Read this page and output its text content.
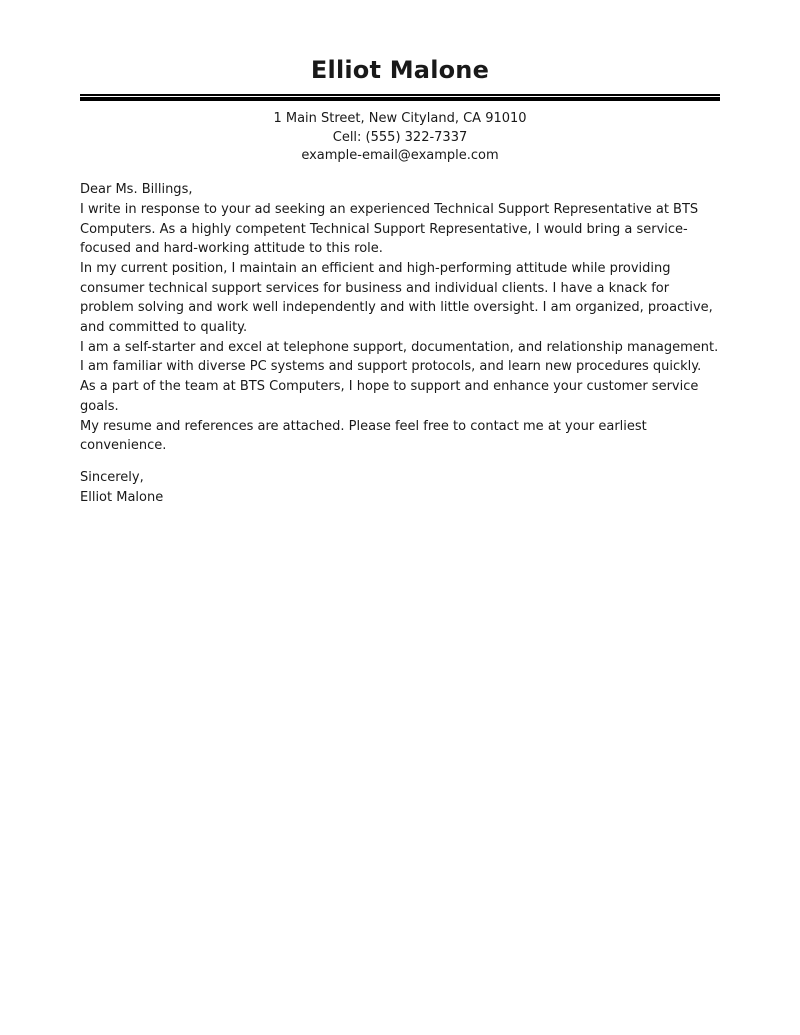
Elliot Malone
1 Main Street, New Cityland, CA 91010
Cell: (555) 322-7337
example-email@example.com

Dear Ms. Billings,

I write in response to your ad seeking an experienced Technical Support Representative at BTS Computers. As a highly competent Technical Support Representative, I would bring a service-focused and hard-working attitude to this role.

In my current position, I maintain an efficient and high-performing attitude while providing consumer technical support services for business and individual clients. I have a knack for problem solving and work well independently and with little oversight. I am organized, proactive, and committed to quality.

I am a self-starter and excel at telephone support, documentation, and relationship management. I am familiar with diverse PC systems and support protocols, and learn new procedures quickly. As a part of the team at BTS Computers, I hope to support and enhance your customer service goals.

My resume and references are attached. Please feel free to contact me at your earliest convenience.

Sincerely,

Elliot Malone
